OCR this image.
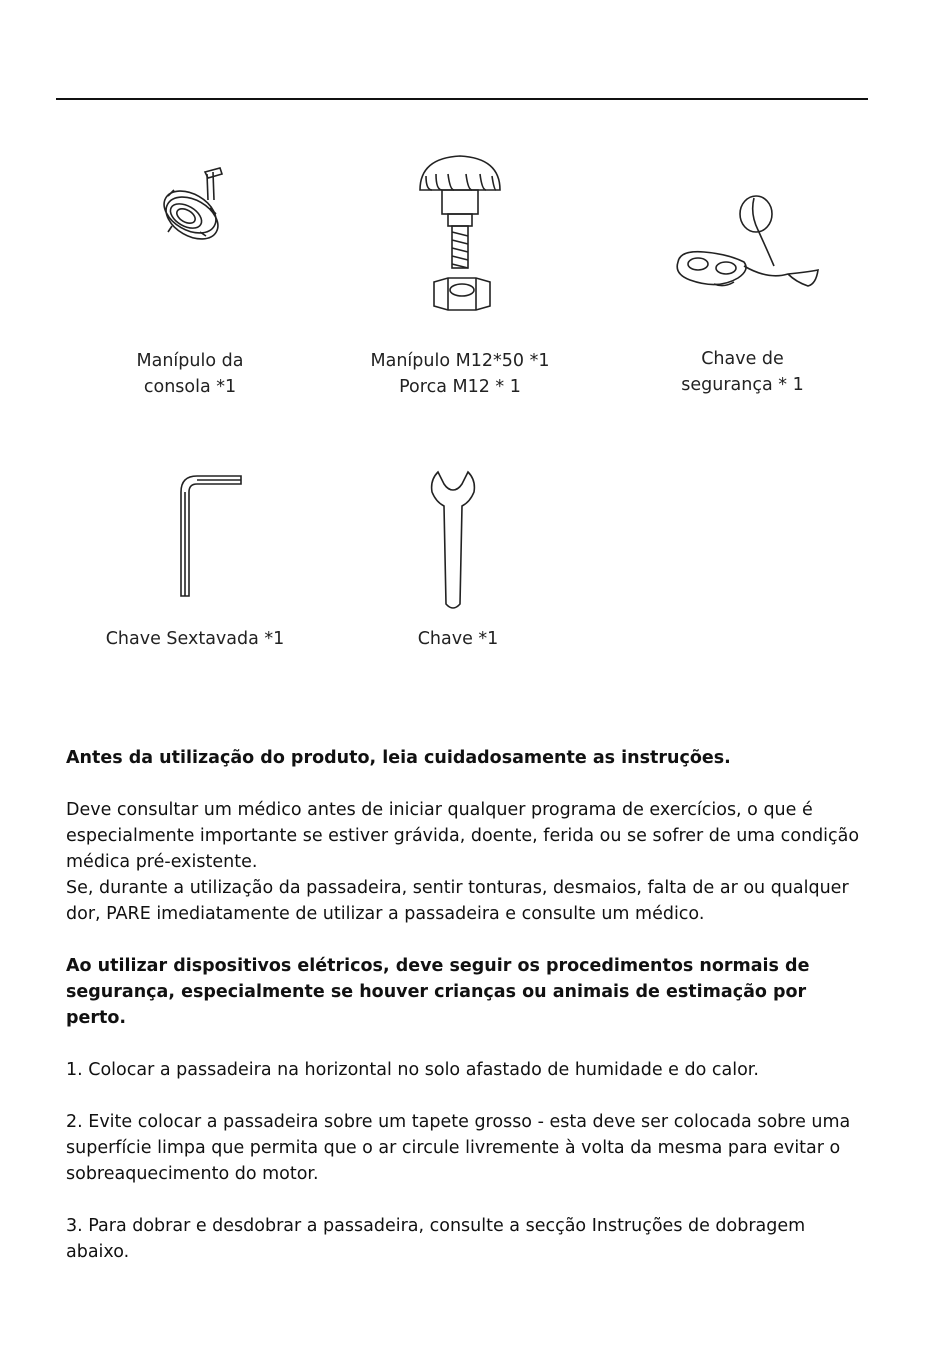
Manípulo da
consola *1
Manípulo M12*50 *1
Porca M12 * 1
Chave de
segurança * 1
Chave Sextavada *1	Chave *1

Antes da utilização do produto, leia cuidadosamente as instruções.

Deve consultar um médico antes de iniciar qualquer programa de exercícios, o que é especialmente importante se estiver grávida, doente, ferida ou se sofrer de uma condição médica pré-existente.

Se, durante a utilização da passadeira, sentir tonturas, desmaios, falta de ar ou qualquer dor, PARE imediatamente de utilizar a passadeira e consulte um médico.

Ao utilizar dispositivos elétricos, deve seguir os procedimentos normais de segurança, especialmente se houver crianças ou animais de estimação por perto.

1. Colocar a passadeira na horizontal no solo afastado de humidade e do calor.

2. Evite colocar a passadeira sobre um tapete grosso - esta deve ser colocada sobre uma superfície limpa que permita que o ar circule livremente à volta da mesma para evitar o sobreaquecimento do motor.

3. Para dobrar e desdobrar a passadeira, consulte a secção Instruções de dobragem abaixo.
